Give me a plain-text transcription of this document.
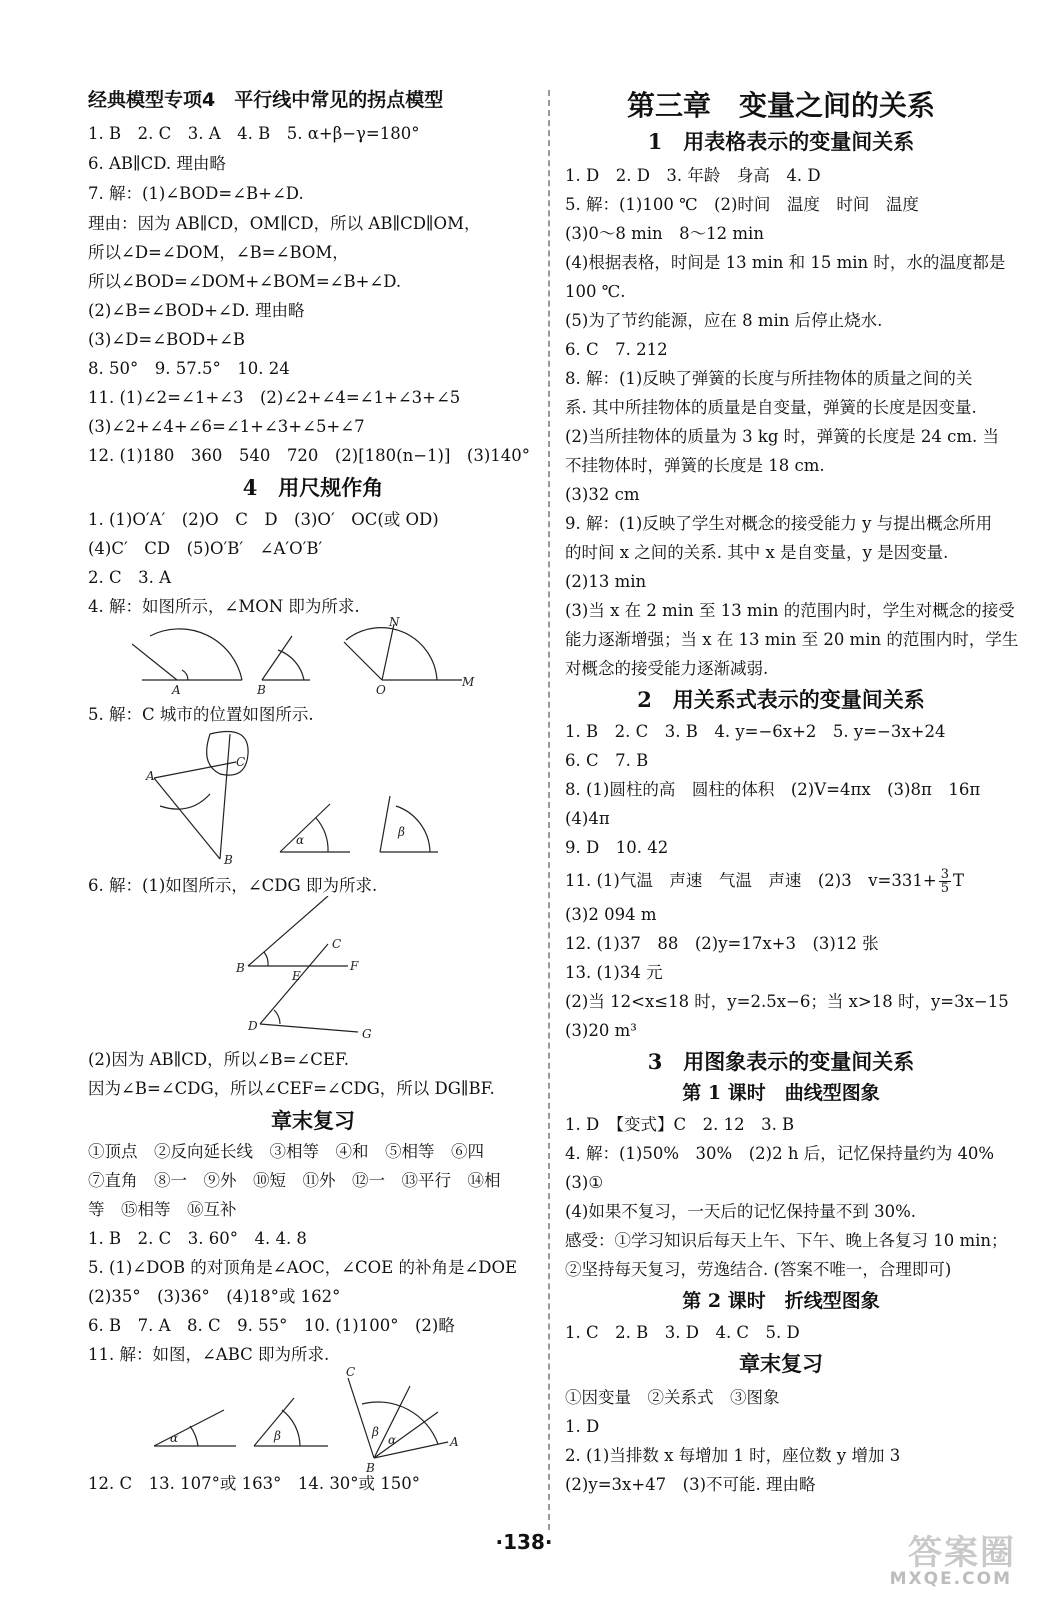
经典模型专项4　平行线中常见的拐点模型
1. B　2. C　3. A　4. B　5. α+β−γ=180°
6. AB∥CD. 理由略
7. 解：(1)∠BOD=∠B+∠D.
理由：因为 AB∥CD，OM∥CD，所以 AB∥CD∥OM，
所以∠D=∠DOM，∠B=∠BOM，
所以∠BOD=∠DOM+∠BOM=∠B+∠D.
(2)∠B=∠BOD+∠D. 理由略
(3)∠D=∠BOD+∠B
8. 50°　9. 57.5°　10. 24
11. (1)∠2=∠1+∠3　(2)∠2+∠4=∠1+∠3+∠5
(3)∠2+∠4+∠6=∠1+∠3+∠5+∠7
12. (1)180　360　540　720　(2)[180(n−1)]　(3)140°
4　用尺规作角
1. (1)O′A′　(2)O　C　D　(3)O′　OC(或 OD)
(4)C′　CD　(5)O′B′　∠A′O′B′
2. C　3. A
4. 解：如图所示，∠MON 即为所求.
A	B	O
M
N
5. 解：C 城市的位置如图所示.
A
B
C
α
β
6. 解：(1)如图所示，∠CDG 即为所求.
B
C
F
E
D
G
(2)因为 AB∥CD，所以∠B=∠CEF.
因为∠B=∠CDG，所以∠CEF=∠CDG，所以 DG∥BF.
章末复习
①顶点　②反向延长线　③相等　④和　⑤相等　⑥四
⑦直角　⑧一　⑨外　⑩短　⑪外　⑫一　⑬平行　⑭相
等　⑮相等　⑯互补
1. B　2. C　3. 60°　4. 4. 8
5. (1)∠DOB 的对顶角是∠AOC，∠COE 的补角是∠DOE
(2)35°　(3)36°　(4)18°或 162°
6. B　7. A　8. C　9. 55°　10. (1)100°　(2)略
11. 解：如图，∠ABC 即为所求.
α	β
C
B
A
β
α
12. C　13. 107°或 163°　14. 30°或 150°
第三章　变量之间的关系
1　用表格表示的变量间关系
1. D　2. D　3. 年龄　身高　4. D
5. 解：(1)100 ℃　(2)时间　温度　时间　温度
(3)0～8 min　8～12 min
(4)根据表格，时间是 13 min 和 15 min 时，水的温度都是
100 ℃.
(5)为了节约能源，应在 8 min 后停止烧水.
6. C　7. 212
8. 解：(1)反映了弹簧的长度与所挂物体的质量之间的关
系. 其中所挂物体的质量是自变量，弹簧的长度是因变量.
(2)当所挂物体的质量为 3 kg 时，弹簧的长度是 24 cm. 当
不挂物体时，弹簧的长度是 18 cm.
(3)32 cm
9. 解：(1)反映了学生对概念的接受能力 y 与提出概念所用
的时间 x 之间的关系. 其中 x 是自变量，y 是因变量.
(2)13 min
(3)当 x 在 2 min 至 13 min 的范围内时，学生对概念的接受
能力逐渐增强；当 x 在 13 min 至 20 min 的范围内时，学生
对概念的接受能力逐渐减弱.
2　用关系式表示的变量间关系
1. B　2. C　3. B　4. y=−6x+2　5. y=−3x+24
6. C　7. B
8. (1)圆柱的高　圆柱的体积　(2)V=4πx　(3)8π　16π
(4)4π
9. D　10. 42
11. (1)气温　声速　气温　声速　(2)3　$v=331+ \frac{3}{5}$ T
(3)2 094 m
12. (1)37　88　(2)y=17x+3　(3)12 张
13. (1)34 元
(2)当 12<x≤18 时，y=2.5x−6；当 x>18 时，y=3x−15
(3)20 m³
3　用图象表示的变量间关系
第 1 课时　曲线型图象
1. D　【变式】C　2. 12　3. B
4. 解：(1)50%　30%　(2)2 h 后，记忆保持量约为 40%
(3)①
(4)如果不复习，一天后的记忆保持量不到 30%.
感受：①学习知识后每天上午、下午、晚上各复习 10 min；
②坚持每天复习，劳逸结合. (答案不唯一，合理即可)
第 2 课时　折线型图象
1. C　2. B　3. D　4. C　5. D
章末复习
①因变量　②关系式　③图象
1. D
2. (1)当排数 x 每增加 1 时，座位数 y 增加 3
(2)y=3x+47　(3)不可能. 理由略
·138·	答案圈
MXQE.COM
